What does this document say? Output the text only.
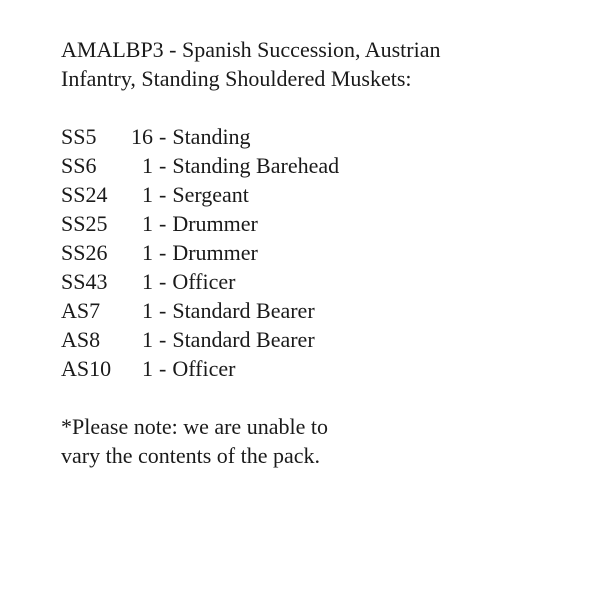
AMALBP3 - Spanish Succession, Austrian
Infantry, Standing Shouldered Muskets:
SS5	16 - Standing
SS6	1 - Standing Barehead
SS24	1 - Sergeant
SS25	1 - Drummer
SS26	1 - Drummer
SS43	1 - Officer
AS7	1 - Standard Bearer
AS8	1 - Standard Bearer
AS10	1 - Officer
*Please note: we are unable to
vary the contents of the pack.
